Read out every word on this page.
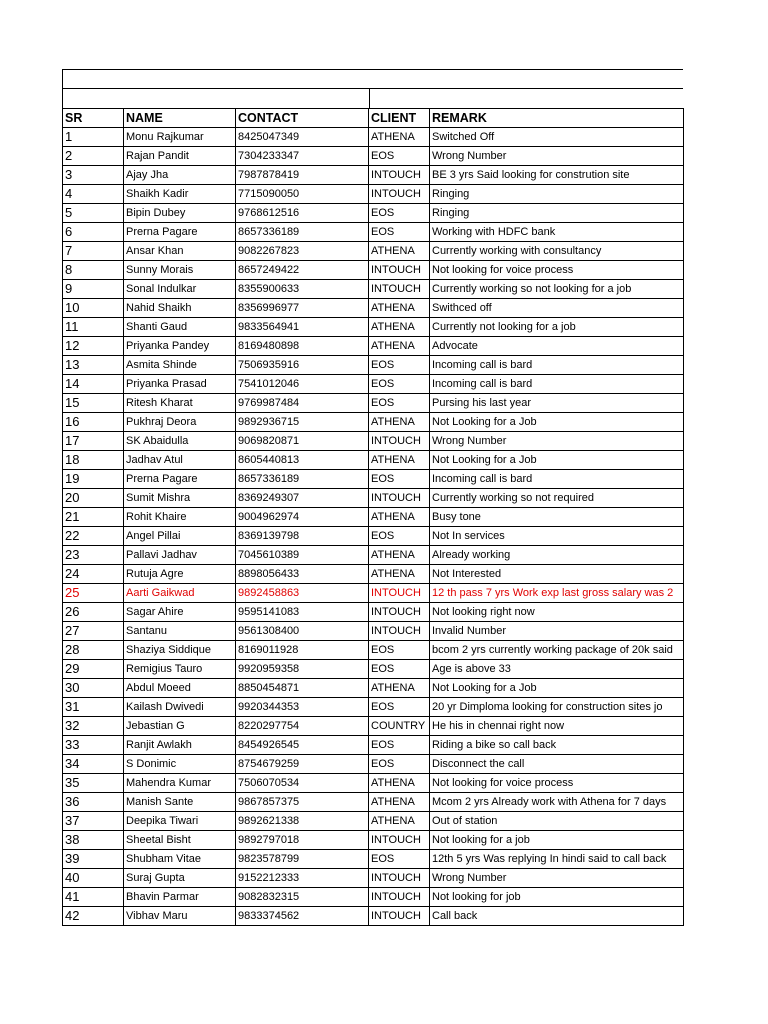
SR	NAME	CONTACT	CLIENT	REMARK
1	Monu Rajkumar	8425047349	ATHENA	Switched Off
2	Rajan Pandit	7304233347	EOS	Wrong Number
3	Ajay Jha	7987878419	INTOUCH	BE 3 yrs Said looking for constrution site
4	Shaikh Kadir	7715090050	INTOUCH	Ringing
5	Bipin Dubey	9768612516	EOS	Ringing
6	Prerna Pagare	8657336189	EOS	Working with HDFC bank
7	Ansar Khan	9082267823	ATHENA	Currently working with consultancy
8	Sunny Morais	8657249422	INTOUCH	Not looking for voice process
9	Sonal Indulkar	8355900633	INTOUCH	Currently working so not looking for a job
10	Nahid Shaikh	8356996977	ATHENA	Swithced off
11	Shanti Gaud	9833564941	ATHENA	Currently not looking for a job
12	Priyanka Pandey	8169480898	ATHENA	Advocate
13	Asmita Shinde	7506935916	EOS	Incoming call is bard
14	Priyanka Prasad	7541012046	EOS	Incoming call is bard
15	Ritesh Kharat	9769987484	EOS	Pursing his last year
16	Pukhraj Deora	9892936715	ATHENA	Not Looking for a Job
17	SK Abaidulla	9069820871	INTOUCH	Wrong Number
18	Jadhav Atul	8605440813	ATHENA	Not Looking for a Job
19	Prerna Pagare	8657336189	EOS	Incoming call is bard
20	Sumit Mishra	8369249307	INTOUCH	Currently working so not required
21	Rohit Khaire	9004962974	ATHENA	Busy tone
22	Angel Pillai	8369139798	EOS	Not In services
23	Pallavi Jadhav	7045610389	ATHENA	Already working
24	Rutuja Agre	8898056433	ATHENA	Not Interested
25	Aarti Gaikwad	9892458863	INTOUCH	12 th pass 7 yrs Work exp last gross salary was 2
26	Sagar Ahire	9595141083	INTOUCH	Not looking right now
27	Santanu	9561308400	INTOUCH	Invalid Number
28	Shaziya Siddique	8169011928	EOS	bcom 2 yrs currently working package of 20k said
29	Remigius Tauro	9920959358	EOS	Age is above 33
30	Abdul Moeed	8850454871	ATHENA	Not Looking for a Job
31	Kailash Dwivedi	9920344353	EOS	20 yr Dimploma looking for construction sites jo
32	Jebastian G	8220297754	COUNTRY	He his in chennai right now
33	Ranjit Awlakh	8454926545	EOS	Riding a bike so call back
34	S Donimic	8754679259	EOS	Disconnect the call
35	Mahendra Kumar	7506070534	ATHENA	Not looking for voice process
36	Manish Sante	9867857375	ATHENA	Mcom 2 yrs Already work with Athena for 7 days
37	Deepika Tiwari	9892621338	ATHENA	Out of station
38	Sheetal Bisht	9892797018	INTOUCH	Not looking for a job
39	Shubham Vitae	9823578799	EOS	12th 5 yrs Was replying In hindi said to call back
40	Suraj Gupta	9152212333	INTOUCH	Wrong Number
41	Bhavin Parmar	9082832315	INTOUCH	Not looking for job
42	Vibhav Maru	9833374562	INTOUCH	Call back
